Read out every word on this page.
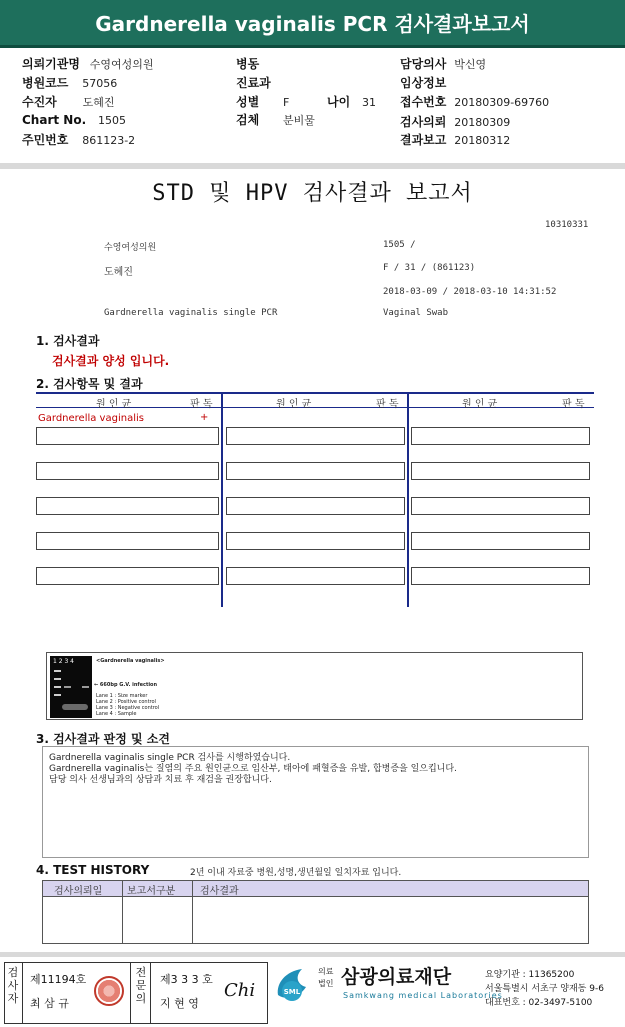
Gardnerella vaginalis PCR 검사결과보고서
의뢰기관명 수영여성의원	병동	담당의사 박신영
병원코드 57056	진료과	임상정보
수진자 도혜진	성별 F	나이 31 접수번호 20180309-69760
Chart No. 1505	검체 분비물	검사의뢰 20180309
주민번호 861123-2	결과보고 20180312
STD 및 HPV 검사결과 보고서
10310331
수영여성의원	1505 /
도혜진	F / 31 / (861123)
2018-03-09 / 2018-03-10 14:31:52
Gardnerella vaginalis single PCR	Vaginal Swab
1. 검사결과
검사결과 양성 입니다.
2. 검사항목 및 결과
원 인 균	판 독	원 인 균	판 독	원 인 균	판 독
Gardnerella vaginalis	+
1 2 3 4	<Gardnerella vaginalis>
← 660bp G.V. infection
Lane 1 : Size marker
Lane 2 : Positive control
Lane 3 : Negative control
Lane 4 : Sample
3. 검사결과 판정 및 소견
Gardnerella vaginalis single PCR 검사를 시행하였습니다.
Gardnerella vaginalis는 질염의 주요 원인균으로 임산부, 태아에 패혈증을 유발, 합병증을 일으킵니다.
담당 의사 선생님과의 상담과 치료 후 재검을 권장합니다.
4. TEST HISTORY	2년 이내 자료중 병원,성명,생년월일 일치자료 입니다.
검사의뢰일 보고서구분 검사결과
검사자
제11194호
최 삼 규
전문의
제3 3 3 호
지 현 영
Chi	SML
의료
법인 삼광의료재단
Samkwang medical Laboratories
요양기관 : 11365200
서울특별시 서초구 양재동 9-6
대표번호 : 02-3497-5100
